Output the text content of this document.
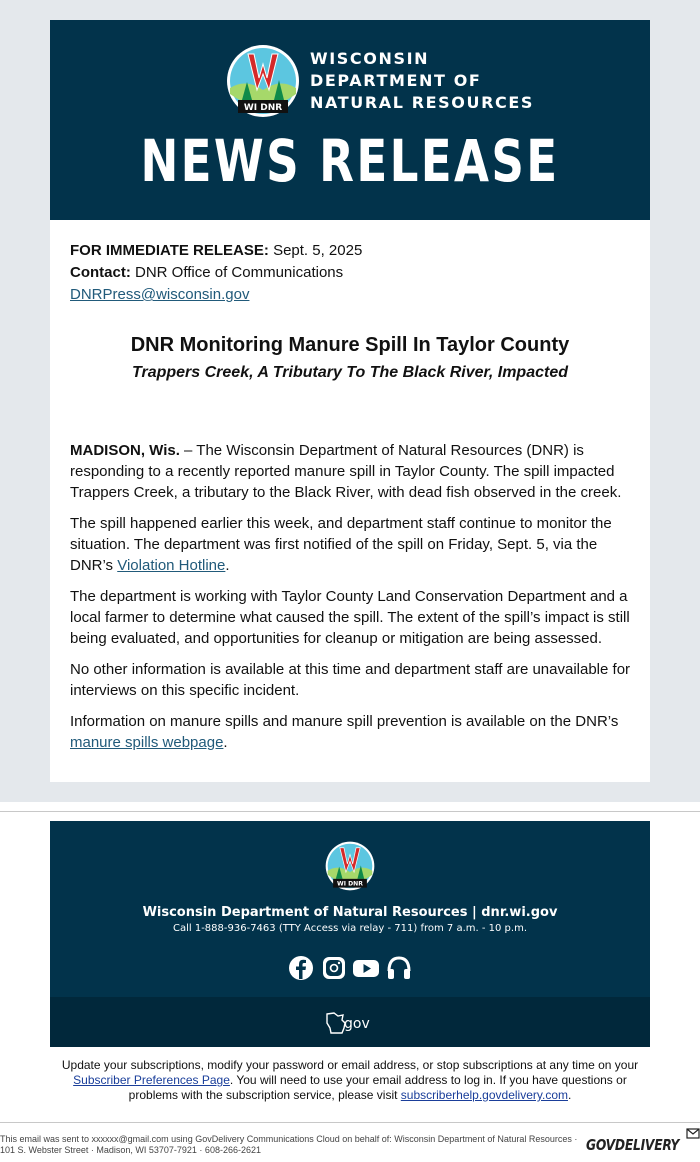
WI DNR
WISCONSIN
DEPARTMENT OF
NATURAL RESOURCES
NEWS RELEASE
FOR IMMEDIATE RELEASE: Sept. 5, 2025
Contact: DNR Office of Communications
DNRPress@wisconsin.gov
DNR Monitoring Manure Spill In Taylor County
Trappers Creek, A Tributary To The Black River, Impacted

MADISON, Wis. – The Wisconsin Department of Natural Resources (DNR) is responding to a recently reported manure spill in Taylor County. The spill impacted Trappers Creek, a tributary to the Black River, with dead fish observed in the creek.

The spill happened earlier this week, and department staff continue to monitor the situation. The department was first notified of the spill on Friday, Sept. 5, via the DNR’s Violation Hotline.

The department is working with Taylor County Land Conservation Department and a local farmer to determine what caused the spill. The extent of the spill’s impact is still being evaluated, and opportunities for cleanup or mitigation are being assessed.

No other information is available at this time and department staff are unavailable for interviews on this specific incident.

Information on manure spills and manure spill prevention is available on the DNR’s manure spills webpage.

WI DNR
Wisconsin Department of Natural Resources | dnr.wi.gov
Call 1-888-936-7463 (TTY Access via relay - 711) from 7 a.m. - 10 p.m.
gov
Update your subscriptions, modify your password or email address, or stop subscriptions at any time on your Subscriber Preferences Page. You will need to use your email address to log in. If you have questions or problems with the subscription service, please visit subscriberhelp.govdelivery.com.
This email was sent to xxxxxx@gmail.com using GovDelivery Communications Cloud on behalf of: Wisconsin Department of Natural Resources · 101 S. Webster Street · Madison, WI 53707-7921 · 608-266-2621	GOVDELIVERY
